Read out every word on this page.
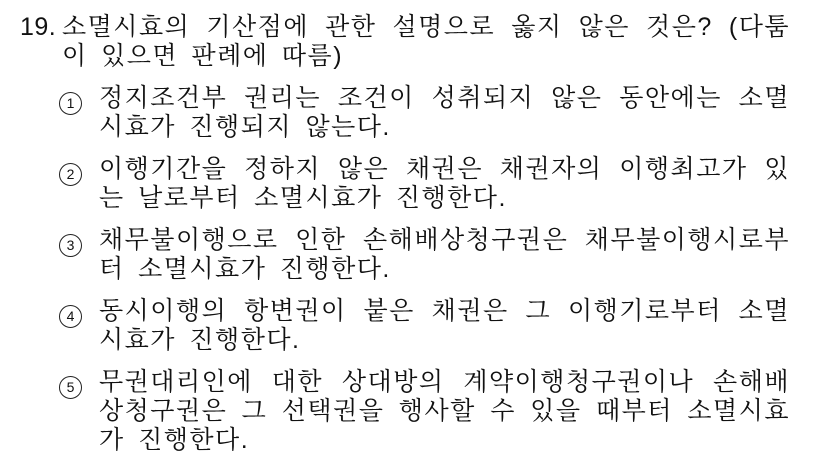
19. 소멸시효의 기산점에 관한 설명으로 옳지 않은 것은? (다툼이 있으면 판례에 따름)
1 정지조건부 권리는 조건이 성취되지 않은 동안에는 소멸시효가 진행되지 않는다.
2 이행기간을 정하지 않은 채권은 채권자의 이행최고가 있는 날로부터 소멸시효가 진행한다.
3 채무불이행으로 인한 손해배상청구권은 채무불이행시로부터 소멸시효가 진행한다.
4 동시이행의 항변권이 붙은 채권은 그 이행기로부터 소멸시효가 진행한다.
5 무권대리인에 대한 상대방의 계약이행청구권이나 손해배상청구권은 그 선택권을 행사할 수 있을 때부터 소멸시효가 진행한다.
